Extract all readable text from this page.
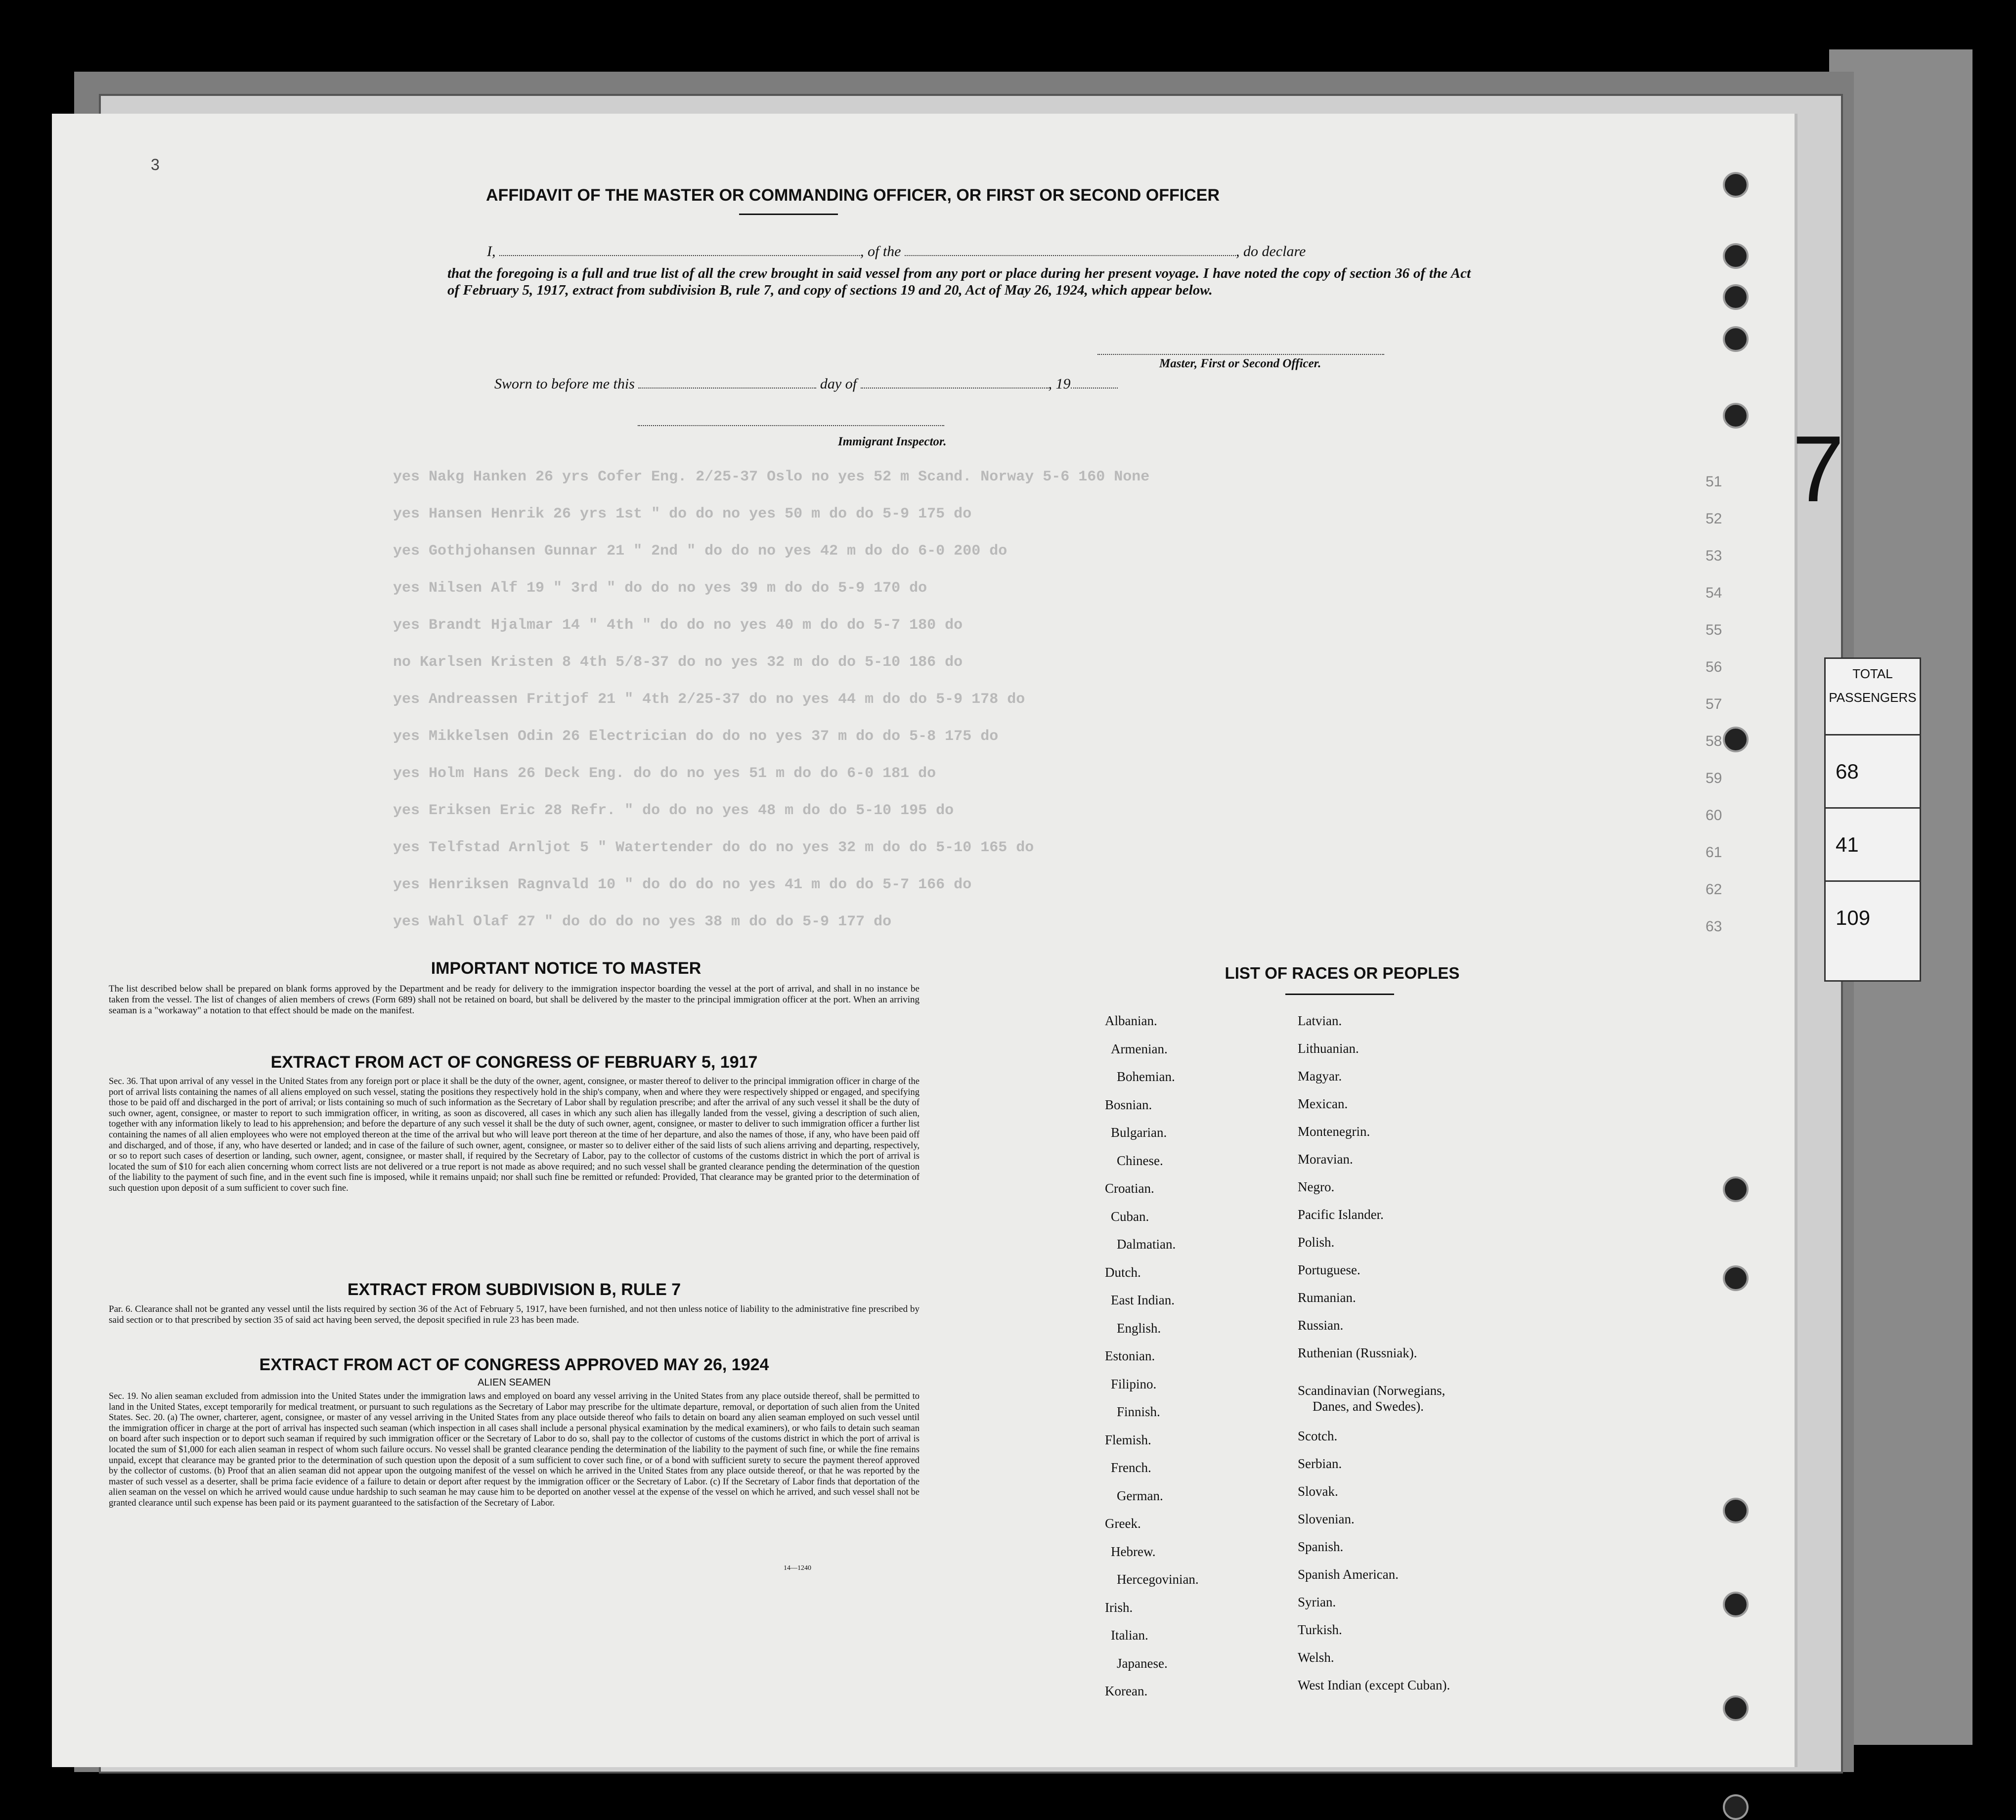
TOTAL PASSENGERS
68
41
109
3
7
yes Nakg Hanken 26 yrs Cofer Eng. 2/25-37 Oslo no yes 52 m Scand. Norway 5-6 160 None	51
yes Hansen Henrik 26 yrs 1st " do do no yes 50 m do do 5-9 175 do	52
yes Gothjohansen Gunnar 21 " 2nd " do do no yes 42 m do do 6-0 200 do	53
yes Nilsen Alf 19 " 3rd " do do no yes 39 m do do 5-9 170 do	54
yes Brandt Hjalmar 14 " 4th " do do no yes 40 m do do 5-7 180 do	55
no Karlsen Kristen 8 4th 5/8-37 do no yes 32 m do do 5-10 186 do	56
yes Andreassen Fritjof 21 " 4th 2/25-37 do no yes 44 m do do 5-9 178 do	57
yes Mikkelsen Odin 26 Electrician do do no yes 37 m do do 5-8 175 do	58
yes Holm Hans 26 Deck Eng. do do no yes 51 m do do 6-0 181 do	59
yes Eriksen Eric 28 Refr. " do do no yes 48 m do do 5-10 195 do	60
yes Telfstad Arnljot 5 " Watertender do do no yes 32 m do do 5-10 165 do	61
yes Henriksen Ragnvald 10 " do do do no yes 41 m do do 5-7 166 do	62
yes Wahl Olaf 27 " do do do no yes 38 m do do 5-9 177 do	63
AFFIDAVIT OF THE MASTER OR COMMANDING OFFICER, OR FIRST OR SECOND OFFICER
I,	, of the	, do declare
that the foregoing is a full and true list of all the crew brought in said vessel from any port or place during her present voyage. I have noted the copy of section 36 of the Act of February 5, 1917, extract from subdivision B, rule 7, and copy of sections 19 and 20, Act of May 26, 1924, which appear below.
Master, First or Second Officer.
Sworn to before me this	day of	, 19
Immigrant Inspector.
IMPORTANT NOTICE TO MASTER
The list described below shall be prepared on blank forms approved by the Department and be ready for delivery to the immigration inspector boarding the vessel at the port of arrival, and shall in no instance be taken from the vessel. The list of changes of alien members of crews (Form 689) shall not be retained on board, but shall be delivered by the master to the principal immigration officer at the port. When an arriving seaman is a "workaway" a notation to that effect should be made on the manifest.
EXTRACT FROM ACT OF CONGRESS OF FEBRUARY 5, 1917
Sec. 36. That upon arrival of any vessel in the United States from any foreign port or place it shall be the duty of the owner, agent, consignee, or master thereof to deliver to the principal immigration officer in charge of the port of arrival lists containing the names of all aliens employed on such vessel, stating the positions they respectively hold in the ship's company, when and where they were respectively shipped or engaged, and specifying those to be paid off and discharged in the port of arrival; or lists containing so much of such information as the Secretary of Labor shall by regulation prescribe; and after the arrival of any such vessel it shall be the duty of such owner, agent, consignee, or master to report to such immigration officer, in writing, as soon as discovered, all cases in which any such alien has illegally landed from the vessel, giving a description of such alien, together with any information likely to lead to his apprehension; and before the departure of any such vessel it shall be the duty of such owner, agent, consignee, or master to deliver to such immigration officer a further list containing the names of all alien employees who were not employed thereon at the time of the arrival but who will leave port thereon at the time of her departure, and also the names of those, if any, who have been paid off and discharged, and of those, if any, who have deserted or landed; and in case of the failure of such owner, agent, consignee, or master so to deliver either of the said lists of such aliens arriving and departing, respectively, or so to report such cases of desertion or landing, such owner, agent, consignee, or master shall, if required by the Secretary of Labor, pay to the collector of customs of the customs district in which the port of arrival is located the sum of $10 for each alien concerning whom correct lists are not delivered or a true report is not made as above required; and no such vessel shall be granted clearance pending the determination of the question of the liability to the payment of such fine, and in the event such fine is imposed, while it remains unpaid; nor shall such fine be remitted or refunded: Provided, That clearance may be granted prior to the determination of such question upon deposit of a sum sufficient to cover such fine.
EXTRACT FROM SUBDIVISION B, RULE 7
Par. 6. Clearance shall not be granted any vessel until the lists required by section 36 of the Act of February 5, 1917, have been furnished, and not then unless notice of liability to the administrative fine prescribed by said section or to that prescribed by section 35 of said act having been served, the deposit specified in rule 23 has been made.
EXTRACT FROM ACT OF CONGRESS APPROVED MAY 26, 1924
ALIEN SEAMEN
Sec. 19. No alien seaman excluded from admission into the United States under the immigration laws and employed on board any vessel arriving in the United States from any place outside thereof, shall be permitted to land in the United States, except temporarily for medical treatment, or pursuant to such regulations as the Secretary of Labor may prescribe for the ultimate departure, removal, or deportation of such alien from the United States. Sec. 20. (a) The owner, charterer, agent, consignee, or master of any vessel arriving in the United States from any place outside thereof who fails to detain on board any alien seaman employed on such vessel until the immigration officer in charge at the port of arrival has inspected such seaman (which inspection in all cases shall include a personal physical examination by the medical examiners), or who fails to detain such seaman on board after such inspection or to deport such seaman if required by such immigration officer or the Secretary of Labor to do so, shall pay to the collector of customs of the customs district in which the port of arrival is located the sum of $1,000 for each alien seaman in respect of whom such failure occurs. No vessel shall be granted clearance pending the determination of the liability to the payment of such fine, or while the fine remains unpaid, except that clearance may be granted prior to the determination of such question upon the deposit of a sum sufficient to cover such fine, or of a bond with sufficient surety to secure the payment thereof approved by the collector of customs. (b) Proof that an alien seaman did not appear upon the outgoing manifest of the vessel on which he arrived in the United States from any place outside thereof, or that he was reported by the master of such vessel as a deserter, shall be prima facie evidence of a failure to detain or deport after request by the immigration officer or the Secretary of Labor. (c) If the Secretary of Labor finds that deportation of the alien seaman on the vessel on which he arrived would cause undue hardship to such seaman he may cause him to be deported on another vessel at the expense of the vessel on which he arrived, and such vessel shall not be granted clearance until such expense has been paid or its payment guaranteed to the satisfaction of the Secretary of Labor.
14—1240
LIST OF RACES OR PEOPLES
Albanian.
Armenian.
Bohemian.
Bosnian.
Bulgarian.
Chinese.
Croatian.
Cuban.
Dalmatian.
Dutch.
East Indian.
English.
Estonian.
Filipino.
Finnish.
Flemish.
French.
German.
Greek.
Hebrew.
Hercegovinian.
Irish.
Italian.
Japanese.
Korean.
Latvian.
Lithuanian.
Magyar.
Mexican.
Montenegrin.
Moravian.
Negro.
Pacific Islander.
Polish.
Portuguese.
Rumanian.
Russian.
Ruthenian (Russniak).
Scandinavian (Norwegians,
Danes, and Swedes).
Scotch.
Serbian.
Slovak.
Slovenian.
Spanish.
Spanish American.
Syrian.
Turkish.
Welsh.
West Indian (except Cuban).
